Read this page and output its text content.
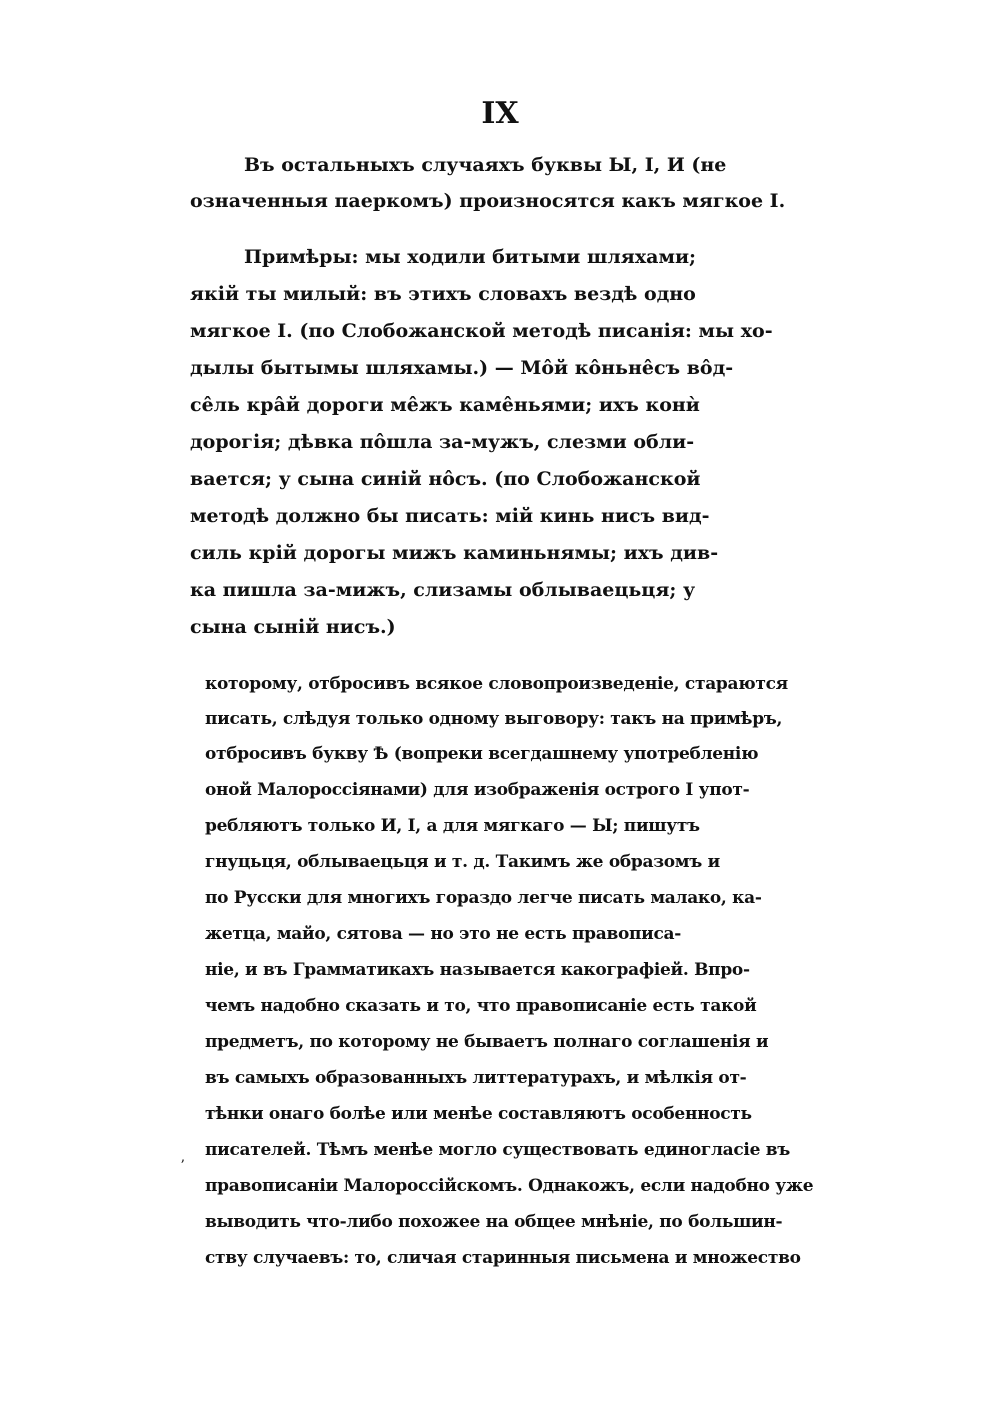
IX
Въ остальныхъ случаяхъ буквы Ы, I, И (не
означенныя паеркомъ) произносятся какъ мягкое I.
Примѣры: мы ходили битыми шляхами;
якій ты милый: въ этихъ словахъ вездѣ одно
мягкое I. (по Слобожанской методѣ писанія: мы хо-
дылы бытымы шляхамы.) — Мôй кôньнêсъ вôд-
сêль крâй дороги мêжъ камêньями; ихъ конѝ
дорогія; дѣвка пôшла за-мужъ, слезми обли-
вается; у сына синій нôсъ. (по Слобожанской
методѣ должно бы писать: мій кинь нисъ вид-
силь крій дорогы мижъ каминьнямы; ихъ див-
ка пишла за-мижъ, слизамы облываецьця; у
сына сыній нисъ.)
которому, отбросивъ всякое словопроизведеніе, стараются
писать, слѣдуя только одному выговору: такъ на примѣръ,
отбросивъ букву Ѣ (вопреки всегдашнему употребленію
оной Малороссіянами) для изображенія острого I упот-
ребляютъ только И, I, а для мягкаго — Ы; пишутъ
гнуцьця, облываецьця и т. д. Такимъ же образомъ и
по Русски для многихъ гораздо легче писать малако, ка-
жетца, майо, сятова — но это не есть правописа-
ніе, и въ Грамматикахъ называется какографіей. Впро-
чемъ надобно сказать и то, что правописаніе есть такой
предметъ, по которому не бываетъ полнаго соглашенія и
въ самыхъ образованныхъ литтературахъ, и мѣлкія от-
тѣнки онаго болѣе или менѣе составляютъ особенность
писателей. Тѣмъ менѣе могло существовать единогласіе въ
правописаніи Малороссійскомъ. Однакожъ, если надобно уже
выводить что-либо похожее на общее мнѣніе, по большин-
ству случаевъ: то, сличая старинныя письмена и множество
ʼ
